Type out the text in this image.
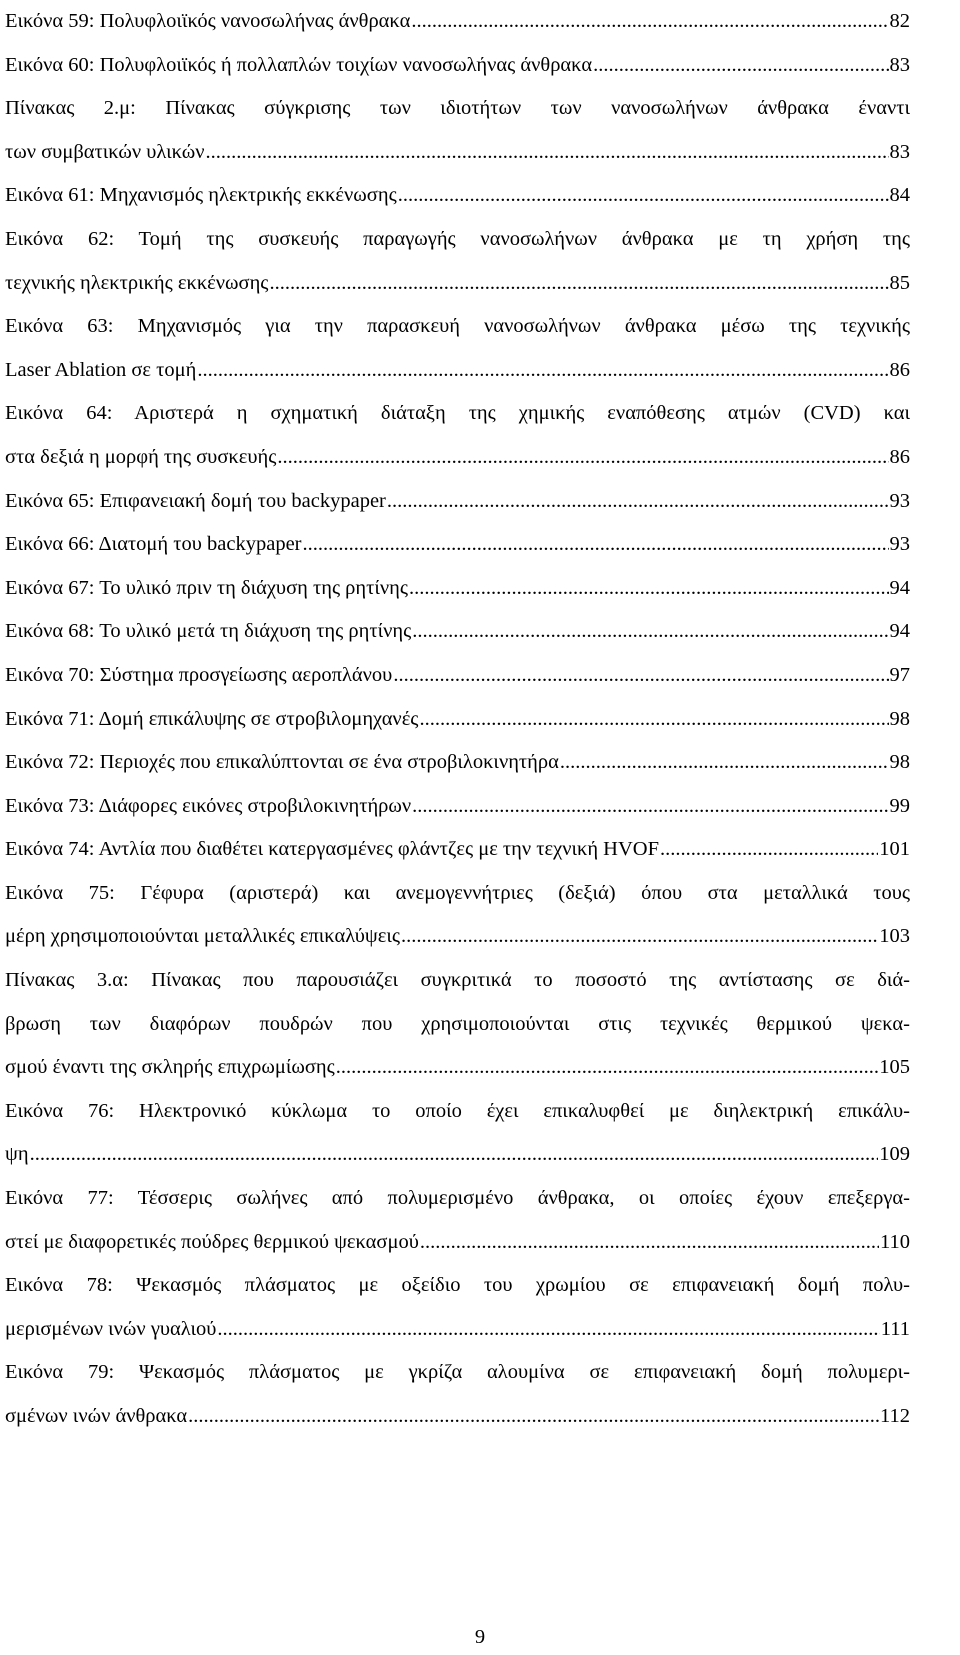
Εικόνα 59: Πολυφλοιϊκός νανοσωλήνας άνθρακα .....	82
Εικόνα 60: Πολυφλοιϊκός ή πολλαπλών τοιχίων νανοσωλήνας άνθρακα .....	83
Πίνακας 2.μ: Πίνακας σύγκρισης των ιδιοτήτων των νανοσωλήνων άνθρακα έναντι
των συμβατικών υλικών .....	83
Εικόνα 61: Μηχανισμός ηλεκτρικής εκκένωσης .....	84
Εικόνα 62: Τομή της συσκευής παραγωγής νανοσωλήνων άνθρακα με τη χρήση της
τεχνικής ηλεκτρικής εκκένωσης .....	85
Εικόνα 63: Μηχανισμός για την παρασκευή νανοσωλήνων άνθρακα μέσω της τεχνικής
Laser Ablation σε τομή .....	86
Εικόνα 64: Αριστερά η σχηματική διάταξη της χημικής εναπόθεσης ατμών (CVD) και
στα δεξιά η μορφή της συσκευής .....	86
Εικόνα 65: Επιφανειακή δομή του backypaper .....	93
Εικόνα 66: Διατομή του backypaper .....	93
Εικόνα 67: Το υλικό πριν τη διάχυση της ρητίνης .....	94
Εικόνα 68: Το υλικό μετά τη διάχυση της ρητίνης .....	94
Εικόνα 70: Σύστημα προσγείωσης αεροπλάνου .....	97
Εικόνα 71: Δομή επικάλυψης σε στροβιλομηχανές .....	98
Εικόνα 72: Περιοχές που επικαλύπτονται σε ένα στροβιλοκινητήρα .....	98
Εικόνα 73: Διάφορες εικόνες στροβιλοκινητήρων .....	99
Εικόνα 74: Αντλία που διαθέτει κατεργασμένες φλάντζες με την τεχνική HVOF .....	101
Εικόνα 75: Γέφυρα (αριστερά) και ανεμογεννήτριες (δεξιά) όπου στα μεταλλικά τους
μέρη χρησιμοποιούνται μεταλλικές επικαλύψεις .....	103
Πίνακας 3.α: Πίνακας που παρουσιάζει συγκριτικά το ποσοστό της αντίστασης σε διά-
βρωση των διαφόρων πουδρών που χρησιμοποιούνται στις τεχνικές θερμικού ψεκα-
σμού έναντι της σκληρής επιχρωμίωσης .....	105
Εικόνα 76: Ηλεκτρονικό κύκλωμα το οποίο έχει επικαλυφθεί με διηλεκτρική επικάλυ-
ψη .....	109
Εικόνα 77: Τέσσερις σωλήνες από πολυμερισμένο άνθρακα, οι οποίες έχουν επεξεργα-
στεί με διαφορετικές πούδρες θερμικού ψεκασμού .....	110
Εικόνα 78: Ψεκασμός πλάσματος με οξείδιο του χρωμίου σε επιφανειακή δομή πολυ-
μερισμένων ινών γυαλιού .....	111
Εικόνα 79: Ψεκασμός πλάσματος με γκρίζα αλουμίνα σε επιφανειακή δομή πολυμερι-
σμένων ινών άνθρακα .....	112
9
